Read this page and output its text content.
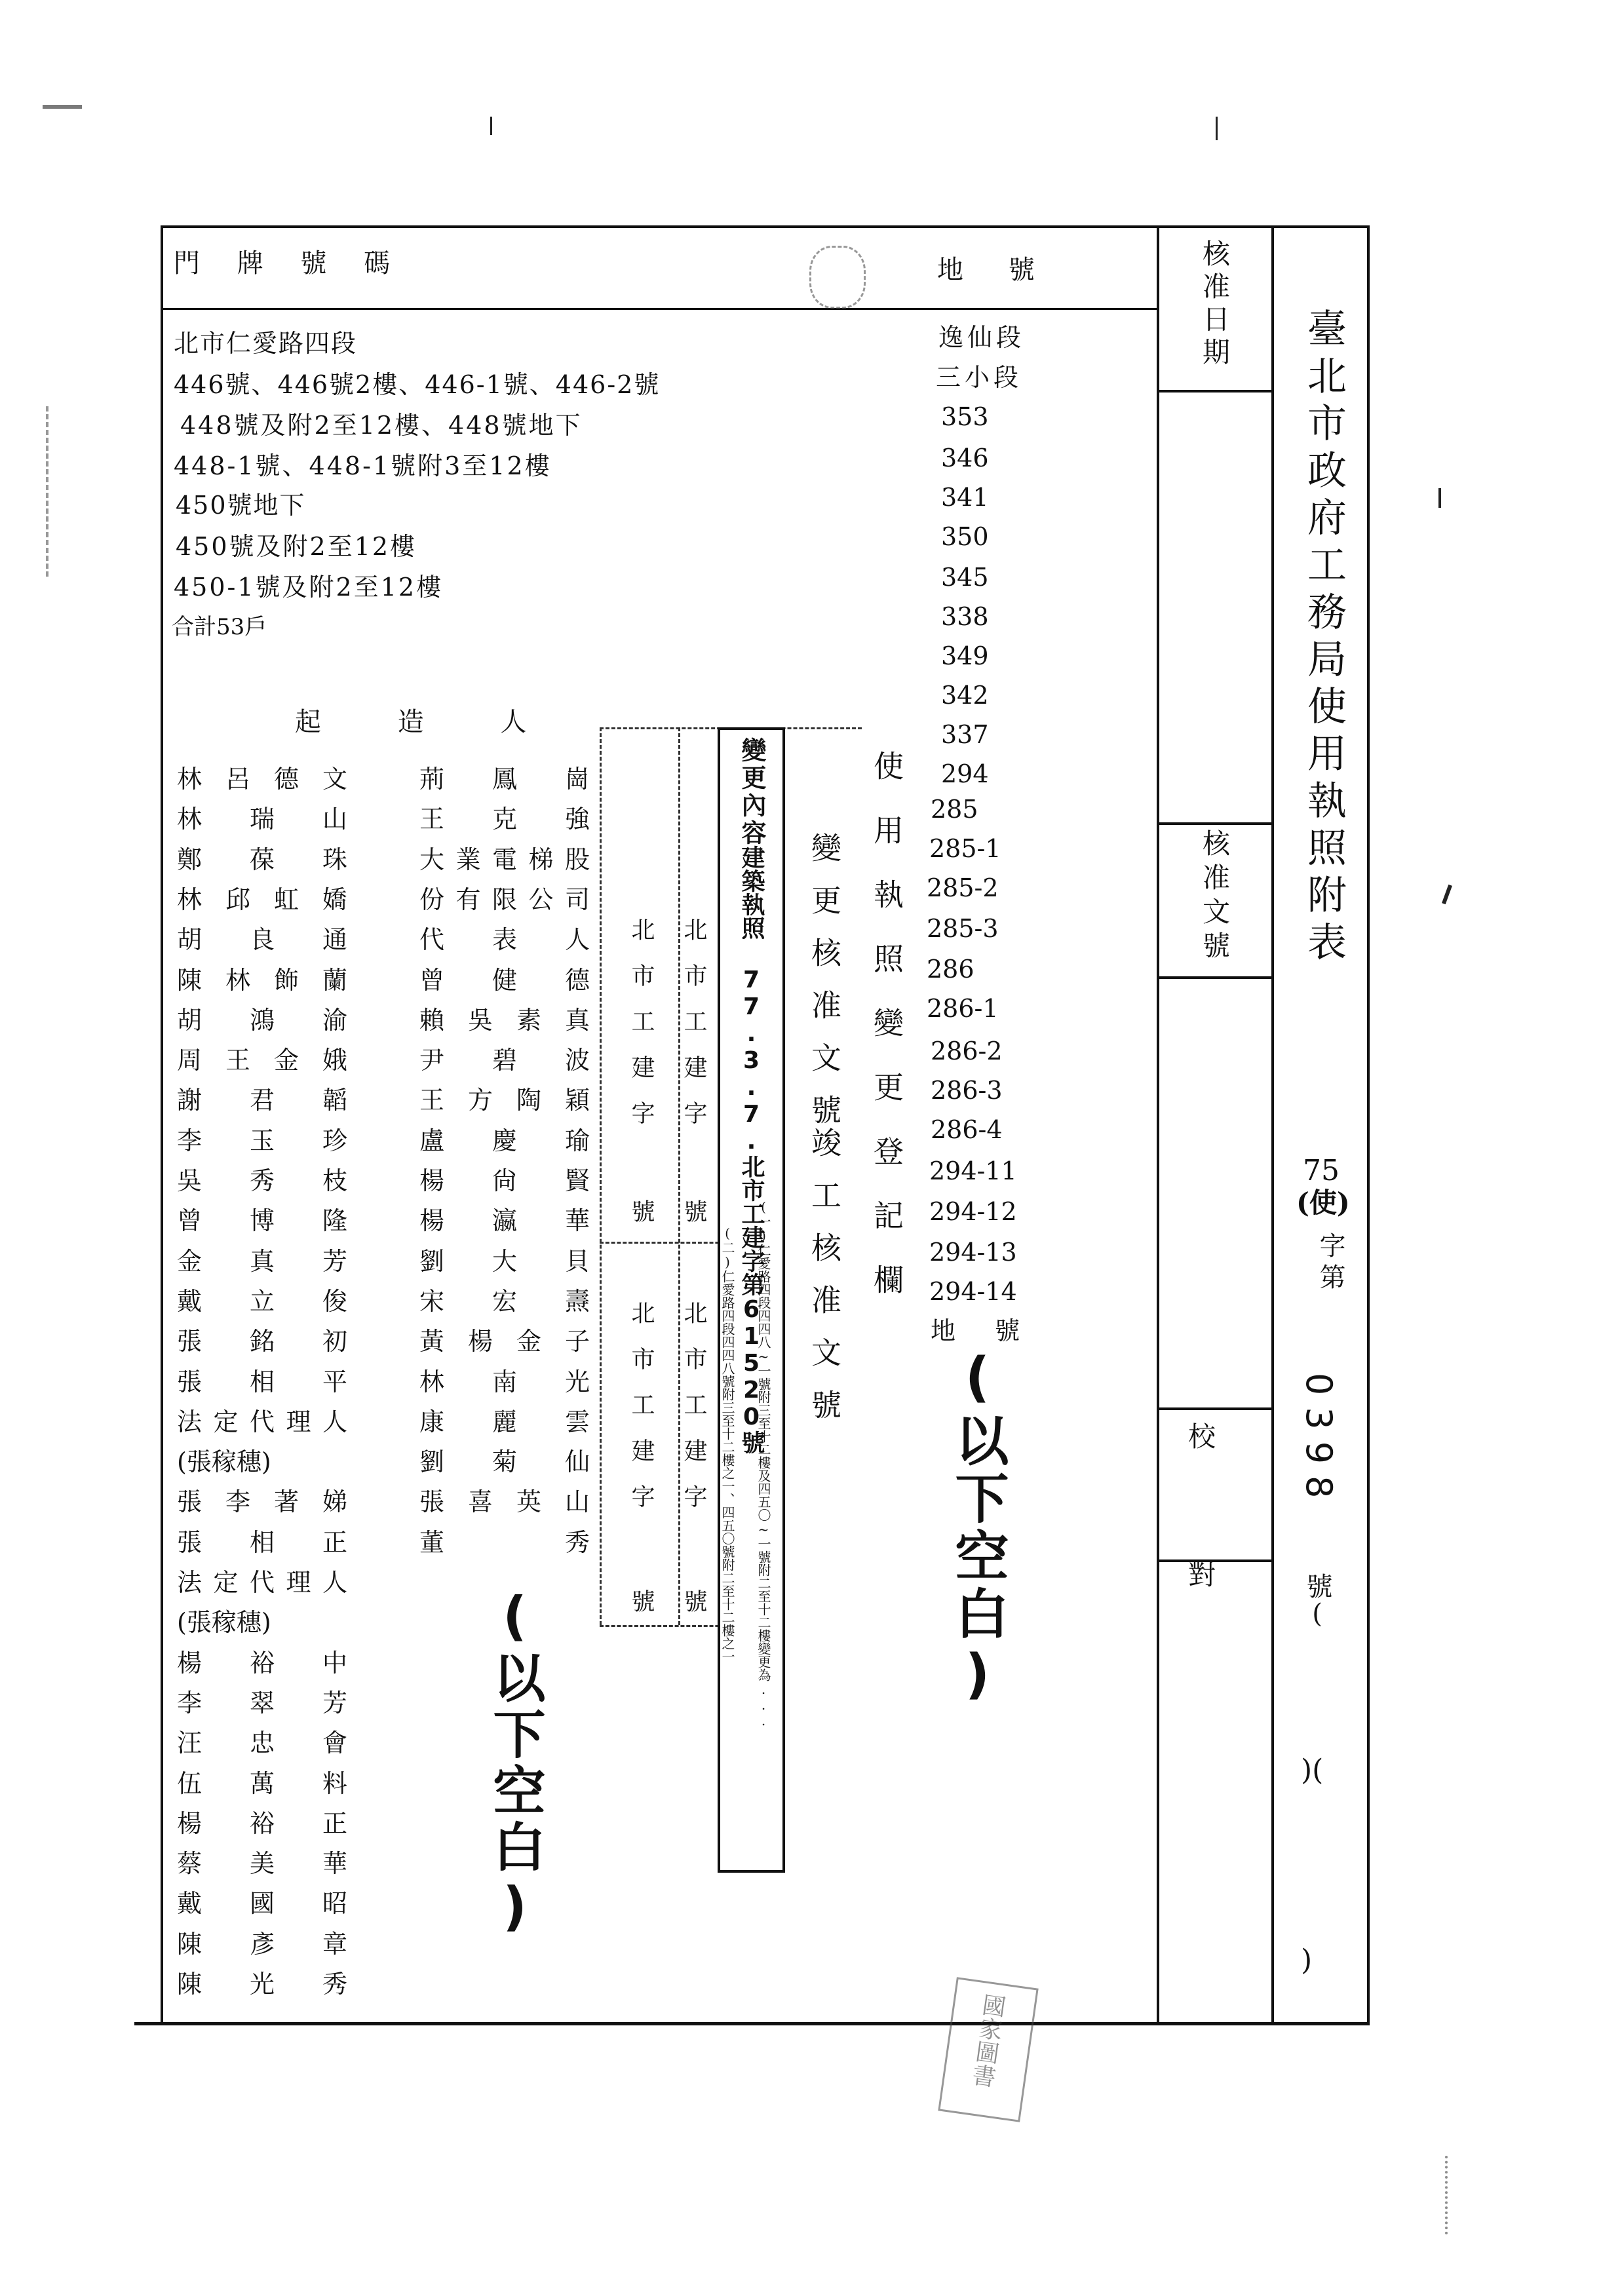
門 牌 號 碼	地 號
北市仁愛路四段
446號、446號2樓、446-1號、446-2號
448號及附2至12樓、448號地下
448-1號、448-1號附3至12樓
450號地下
450號及附2至12樓
450-1號及附2至12樓
合計53戶
逸仙段
三小段
353
346
341
350
345
338
349
342
337
294
285
285-1
285-2
285-3
286
286-1
286-2
286-3
286-4
294-11
294-12
294-13
294-14
地 號
起 造 人
林 呂 德 文
林 瑞 山
鄭 葆 珠
林 邱 虹 嬌
胡 良 通
陳 林 飾 蘭
胡 鴻 渝
周 王 金 娥
謝 君 韜
李 玉 珍
吳 秀 枝
曾 博 隆
金 真 芳
戴 立 俊
張 銘 初
張 相 平
法 定 代 理 人
(張稼穗)
張 李 著 娣
張 相 正
法 定 代 理 人
(張稼穗)
楊 裕 中
李 翠 芳
汪 忠 會
伍 萬 料
楊 裕 正
蔡 美 華
戴 國 昭
陳 彥 章
陳 光 秀
荊 鳳 崗
王 克 強
大 業 電 梯 股
份 有 限 公 司
代 表 人
曾 健 德
賴 吳 素 真
尹 碧 波
王 方 陶 穎
盧 慶 瑜
楊 尙 賢
楊 瀛 華
劉 大 貝
宋 宏 燾
黃 楊 金 子
林 南 光
康 麗 雲
劉 菊 仙
張 喜 英 山
董	秀
(以下空白)
(以下空白)
使用執照變更登記欄
變更核准文號
竣工核准文號
變更內容
建築執照 77.3.7.北市工建字第61520號
(一)仁愛路四段四四八~一號附三至十二樓及四五〇~一號附二至十二樓變更為...
(二)仁愛路四段四四八號附三至十二樓之一、四五〇號附二至十二樓之一
北市工建字
號
北市工建字
號
北市工建字
號
北市工建字
號
核准日期
臺北市政府工務局使用執照附表
核准文號
75
(使)
字第
0398
號(
)(
)
校 對
國家圖書
